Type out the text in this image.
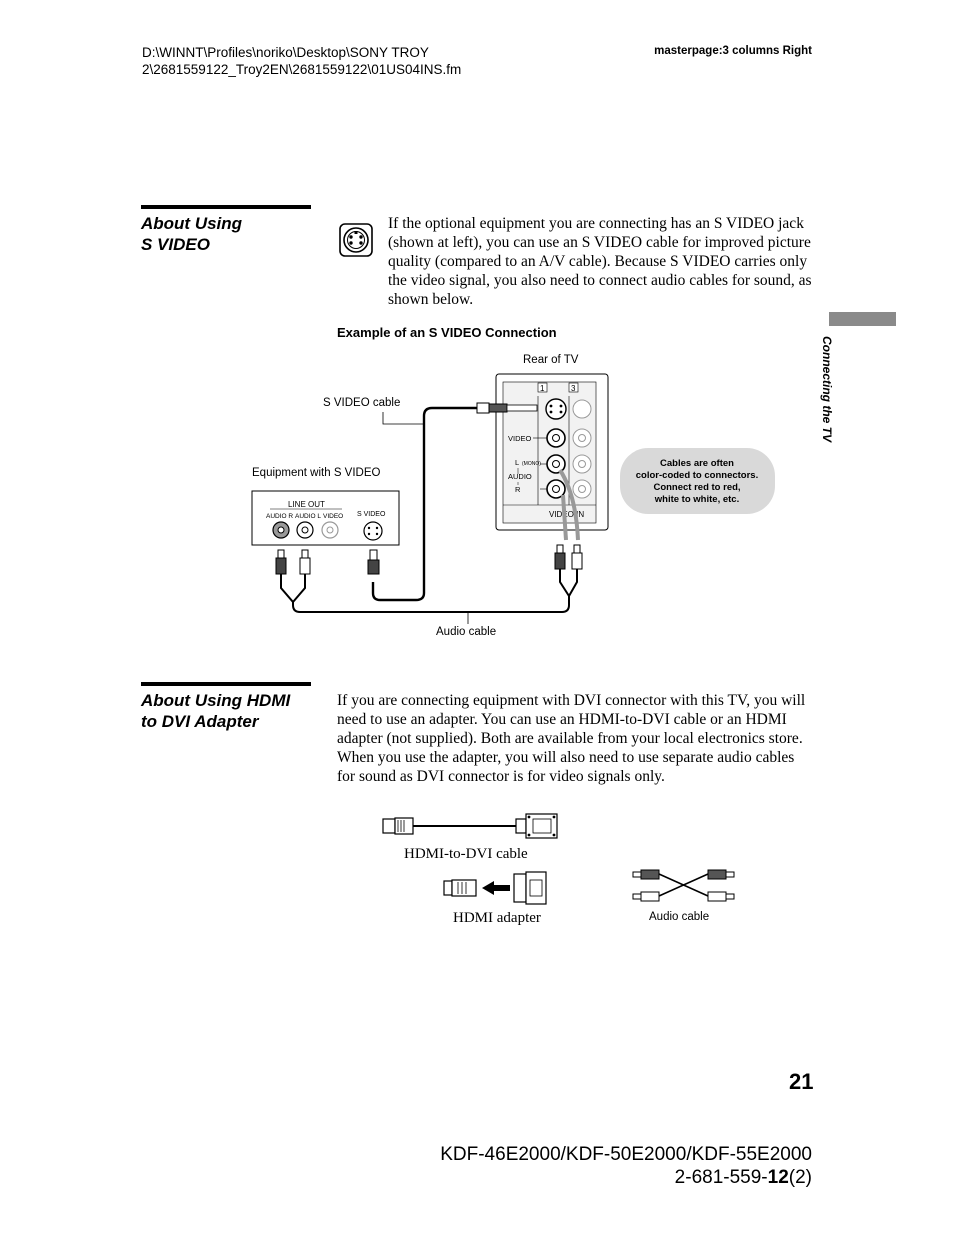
D:\WINNT\Profiles\noriko\Desktop\SONY TROY
2\2681559122_Troy2EN\2681559122\01US04INS.fm
masterpage:3 columns Right
Connecting the TV
About Using
S VIDEO
If the optional equipment you are connecting has an S VIDEO jack (shown at left), you can use an S VIDEO cable for improved picture quality (compared to an A/V cable). Because S VIDEO carries only the video signal, you also need to connect audio cables for sound, as shown below.
Example of an S VIDEO Connection
Rear of TV
S VIDEO cable
Equipment with S VIDEO
1	3
VIDEO IN
VIDEO
L (MONO)
AUDIO
R
LINE OUT
AUDIO R AUDIO L VIDEO S VIDEO
Audio cable
Cables are often
color-coded to connectors.
Connect red to red,
white to white, etc.
About Using HDMI
to DVI Adapter
If you are connecting equipment with DVI connector with this TV, you will need to use an adapter. You can use an HDMI-to-DVI cable or an HDMI adapter (not supplied). Both are available from your local electronics store. When you use the adapter, you will also need to use separate audio cables for sound as DVI connector is for video signals only.
HDMI-to-DVI cable
HDMI adapter	Audio cable
21
KDF-46E2000/KDF-50E2000/KDF-55E2000
2-681-559-12(2)
